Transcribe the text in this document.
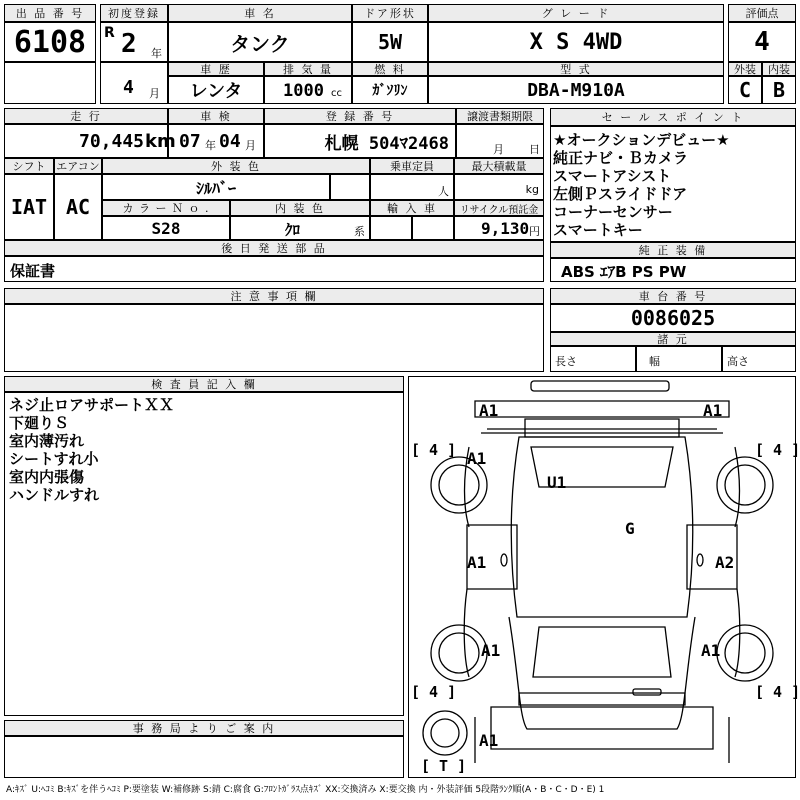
出 品 番 号
6108
初度登録
R 2 年
4 月
車 名
タンク
ドア形状
5W
グ レ ー ド
X S 4WD
評価点
4
車 歴
レンタ
排 気 量
1000 cc
燃 料
ｶﾞｿﾘﾝ
型 式
DBA-M910A
外装	内装
C	B
走 行
70,445 km
車 検
07 年 04 月
登 録 番 号
札幌 504ﾏ2468
譲渡書類期限
月 日
シフト
IAT
エアコン
AC
外 装 色
ｼﾙﾊﾞｰ
乗車定員
人
最大積載量
kg
カ ラ ー Ｎ ｏ .
S28
内 装 色
ｸﾛ	系
輸 入 車	リサイクル預託金
9,130 円
後 日 発 送 部 品
保証書
セ ー ル ス ポ イ ン ト
★オークションデビュー★
純正ナビ・Ｂカメラ
スマートアシスト
左側Ｐスライドドア
コーナーセンサー
スマートキー
純 正 装 備
ABS ｴｱB PS PW
注 意 事 項 欄	車 台 番 号
0086025
諸 元
長さ	幅	高さ
検 査 員 記 入 欄
ネジ止ロアサポートＸＸ
下廻りＳ
室内薄汚れ
シートすれ小
室内内張傷
ハンドルすれ
事 務 局 よ り ご 案 内
A1	A1
A1
U1
G
A1	A2
A1	A1
A1
[ 4 ]	[ 4 ]
[ 4 ]	[ 4 ]
[ T ]
A:ｷｽﾞ U:ﾍｺﾐ B:ｷｽﾞを伴うﾍｺﾐ P:要塗装 W:補修跡 S:錆 C:腐食 G:ﾌﾛﾝﾄｶﾞﾗｽ点ｷｽﾞ XX:交換済み X:要交換 内・外装評価 5段階ﾗﾝｸ順(A・B・C・D・E) 1
